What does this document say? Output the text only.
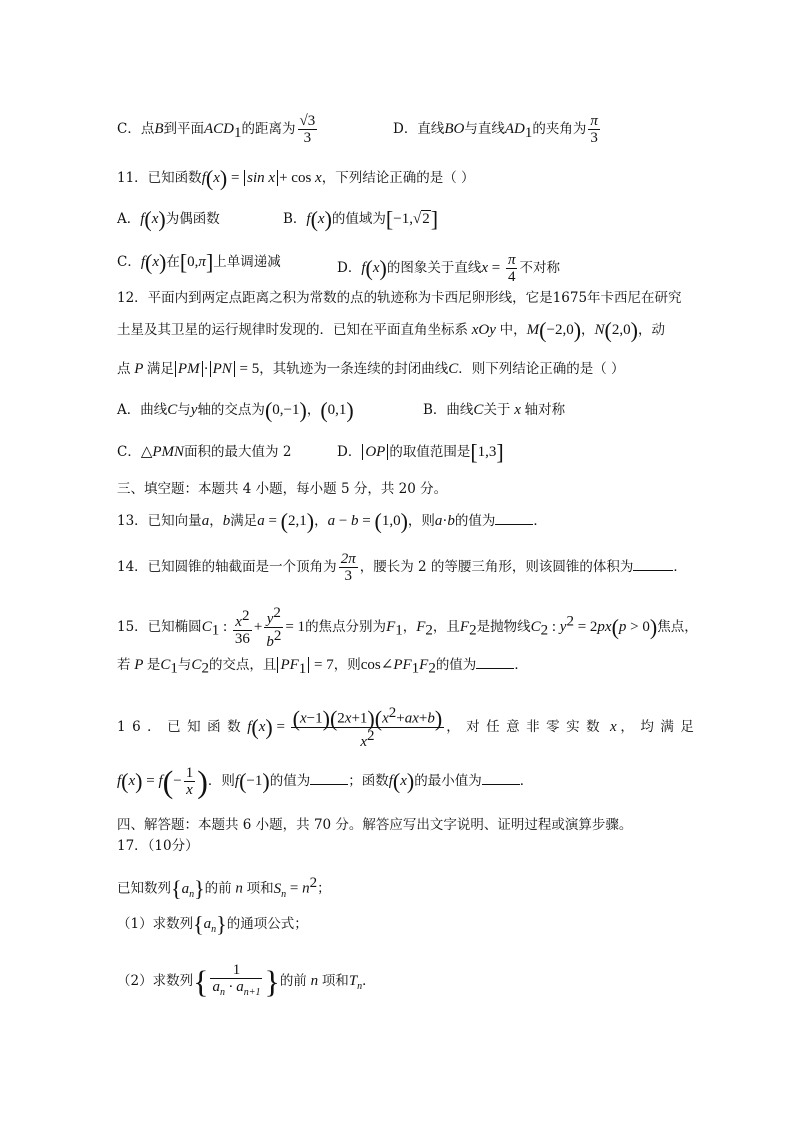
C．点B到平面$ACD_1$的距离为 $\frac{√3}{3}$	D．直线BO与直线$AD_1$的夹角为 $\frac{\pi}{3}$
11．已知函数f(x) = sin x + cos x，下列结论正确的是（ ）
A．f(x)为偶函数	B．f(x)的值域为[−1,√2]
C．f(x)在[0,π]上单调递减	D．f(x)的图象关于直线$x = \frac{\pi}{4}$ 不对称
12．平面内到两定点距离之积为常数的点的轨迹称为卡西尼卵形线，它是1675年卡西尼在研究
土星及其卫星的运行规律时发现的．已知在平面直角坐标系 xOy 中，M(−2,0)，N(2,0)，动
点 P 满足 PM · PN = 5，其轨迹为一条连续的封闭曲线C．则下列结论正确的是（ ）
A．曲线C与y轴的交点为(0,−1)，(0,1)	B．曲线C关于 x 轴对称
C．△PMN面积的最大值为 2	D． OP 的取值范围是[1,3]
三、填空题：本题共 4 小题，每小题 5 分，共 20 分。
13．已知向量a，b满足a = (2,1)，a − b = (1,0)，则a·b的值为	．
14．已知圆锥的轴截面是一个顶角为 $\frac{2\pi}{3}$ ，腰长为 2 的等腰三角形，则该圆锥的体积为	．
15．已知椭圆$C_1$ : $\frac{x^2}{36} + \frac{y^2}{b^2} = 1$的焦点分别为$F_1$，$F_2$，且$F_2$是抛物线$C_2$ : $y^2 = 2px(p > 0)$焦点，
若 P 是$C_1$与$C_2$的交点，且 $PF_1 = 7$，则$\cos\angle PF_1F_2$的值为	．
16．已知函数$f(x) = \frac{(x-1)(2x+1)(x^2+ax+b)}{x^2}$ ，对任意非零实数 x ，均满足
$f(x) = f(- \frac{1}{x}$ )．则f(−1)的值为	；函数f(x)的最小值为	．
四、解答题：本题共 6 小题，共 70 分。解答应写出文字说明、证明过程或演算步骤。
17．（10分）
已知数列$\{a_n\}$的前 n 项和$S_n = n^2$；
（1）求数列$\{a_n\}$的通项公式；
（2）求数列{ $\frac{1}{a_n \cdot a_{n+1}}$ }的前 n 项和$T_n$．
